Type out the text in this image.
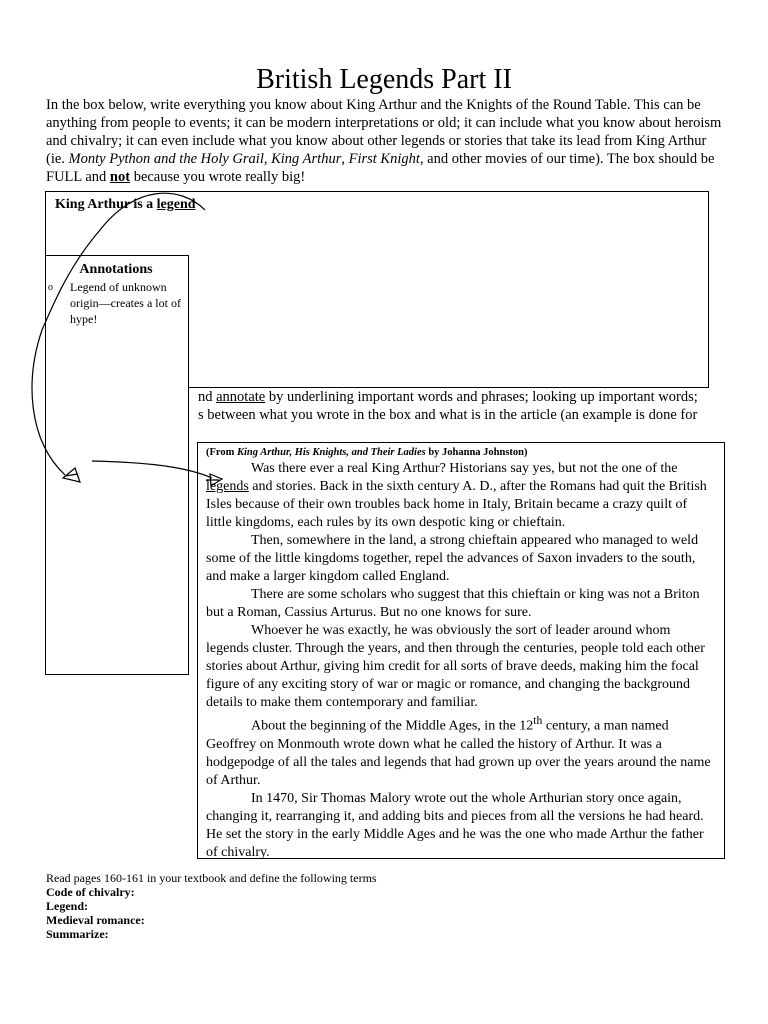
British Legends Part II
In the box below, write everything you know about King Arthur and the Knights of the Round Table. This can be anything from people to events; it can be modern interpretations or old; it can include what you know about heroism and chivalry; it can even include what you know about other legends or stories that take its lead from King Arthur (ie. Monty Python and the Holy Grail, King Arthur, First Knight, and other movies of our time). The box should be FULL and not because you wrote really big!
King Arthur is a legend
nd annotate by underlining important words and phrases; looking up important words;
s between what you wrote in the box and what is in the article (an example is done for
Annotations
o Legend of unknown origin—creates a lot of hype!
(From King Arthur, His Knights, and Their Ladies by Johanna Johnston)

Was there ever a real King Arthur? Historians say yes, but not the one of the legends and stories. Back in the sixth century A. D., after the Romans had quit the British Isles because of their own troubles back home in Italy, Britain became a crazy quilt of little kingdoms, each rules by its own despotic king or chieftain.

Then, somewhere in the land, a strong chieftain appeared who managed to weld some of the little kingdoms together, repel the advances of Saxon invaders to the south, and make a larger kingdom called England.

There are some scholars who suggest that this chieftain or king was not a Briton but a Roman, Cassius Arturus. But no one knows for sure.

Whoever he was exactly, he was obviously the sort of leader around whom legends cluster. Through the years, and then through the centuries, people told each other stories about Arthur, giving him credit for all sorts of brave deeds, making him the focal figure of any exciting story of war or magic or romance, and changing the background details to make them contemporary and familiar.

About the beginning of the Middle Ages, in the 12th century, a man named Geoffrey on Monmouth wrote down what he called the history of Arthur. It was a hodgepodge of all the tales and legends that had grown up over the years around the name of Arthur.

In 1470, Sir Thomas Malory wrote out the whole Arthurian story once again, changing it, rearranging it, and adding bits and pieces from all the versions he had heard. He set the story in the early Middle Ages and he was the one who made Arthur the father of chivalry.

Read pages 160-161 in your textbook and define the following terms
Code of chivalry:
Legend:
Medieval romance:
Summarize:
